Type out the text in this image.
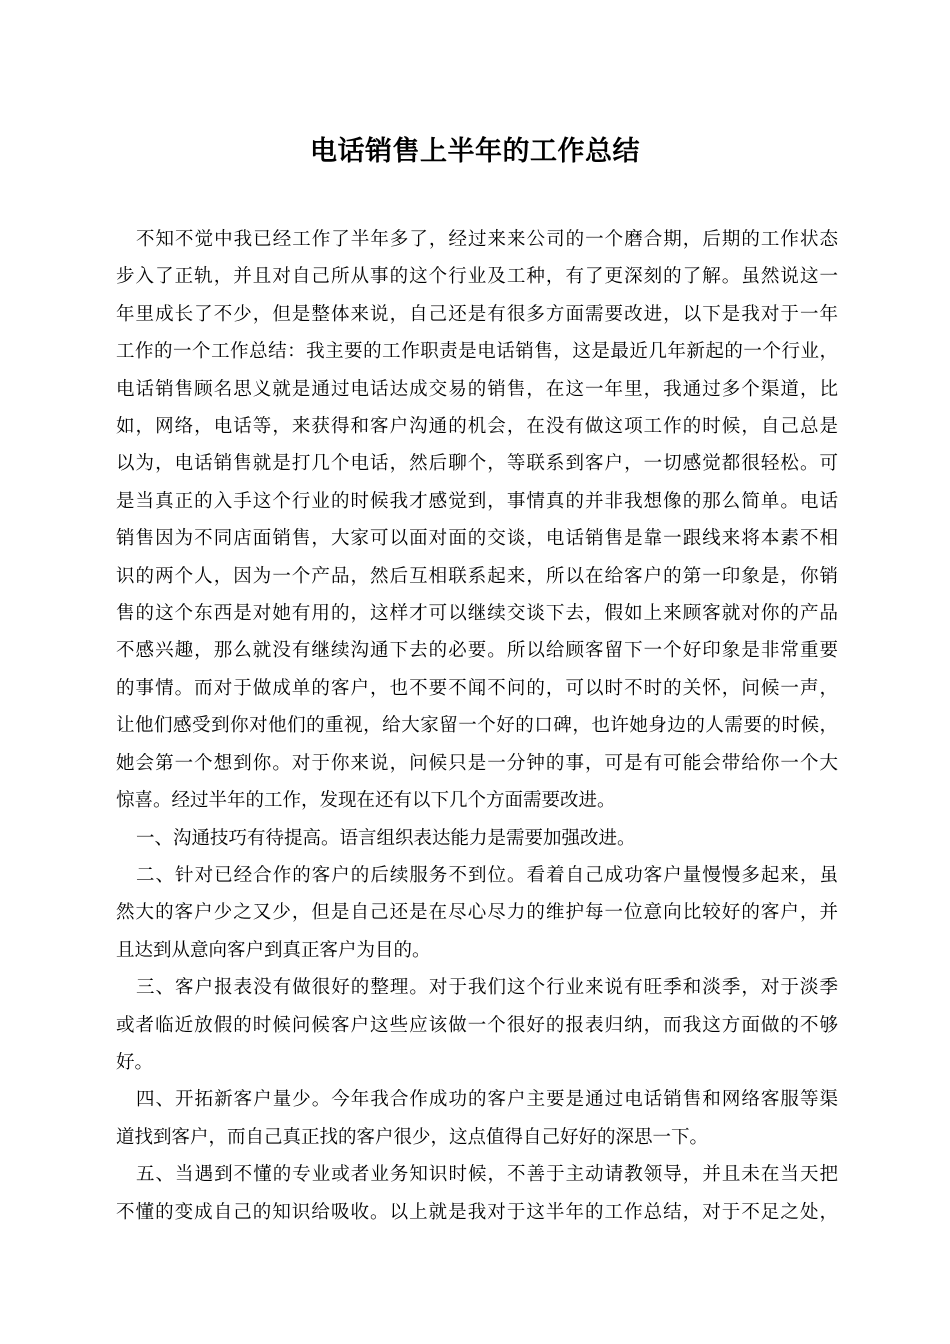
电话销售上半年的工作总结
不知不觉中我已经工作了半年多了，经过来来公司的一个磨合期，后期的工作状态
步入了正轨，并且对自己所从事的这个行业及工种，有了更深刻的了解。虽然说这一
年里成长了不少，但是整体来说，自己还是有很多方面需要改进，以下是我对于一年
工作的一个工作总结：我主要的工作职责是电话销售，这是最近几年新起的一个行业，
电话销售顾名思义就是通过电话达成交易的销售，在这一年里，我通过多个渠道，比
如，网络，电话等，来获得和客户沟通的机会，在没有做这项工作的时候，自己总是
以为，电话销售就是打几个电话，然后聊个，等联系到客户，一切感觉都很轻松。可
是当真正的入手这个行业的时候我才感觉到，事情真的并非我想像的那么简单。电话
销售因为不同店面销售，大家可以面对面的交谈，电话销售是靠一跟线来将本素不相
识的两个人，因为一个产品，然后互相联系起来，所以在给客户的第一印象是，你销
售的这个东西是对她有用的，这样才可以继续交谈下去，假如上来顾客就对你的产品
不感兴趣，那么就没有继续沟通下去的必要。所以给顾客留下一个好印象是非常重要
的事情。而对于做成单的客户，也不要不闻不问的，可以时不时的关怀，问候一声，
让他们感受到你对他们的重视，给大家留一个好的口碑，也许她身边的人需要的时候，
她会第一个想到你。对于你来说，问候只是一分钟的事，可是有可能会带给你一个大
惊喜。经过半年的工作，发现在还有以下几个方面需要改进。
一、沟通技巧有待提高。语言组织表达能力是需要加强改进。
二、针对已经合作的客户的后续服务不到位。看着自己成功客户量慢慢多起来，虽
然大的客户少之又少，但是自己还是在尽心尽力的维护每一位意向比较好的客户，并
且达到从意向客户到真正客户为目的。
三、客户报表没有做很好的整理。对于我们这个行业来说有旺季和淡季，对于淡季
或者临近放假的时候问候客户这些应该做一个很好的报表归纳，而我这方面做的不够
好。
四、开拓新客户量少。今年我合作成功的客户主要是通过电话销售和网络客服等渠
道找到客户，而自己真正找的客户很少，这点值得自己好好的深思一下。
五、当遇到不懂的专业或者业务知识时候，不善于主动请教领导，并且未在当天把
不懂的变成自己的知识给吸收。以上就是我对于这半年的工作总结，对于不足之处，
